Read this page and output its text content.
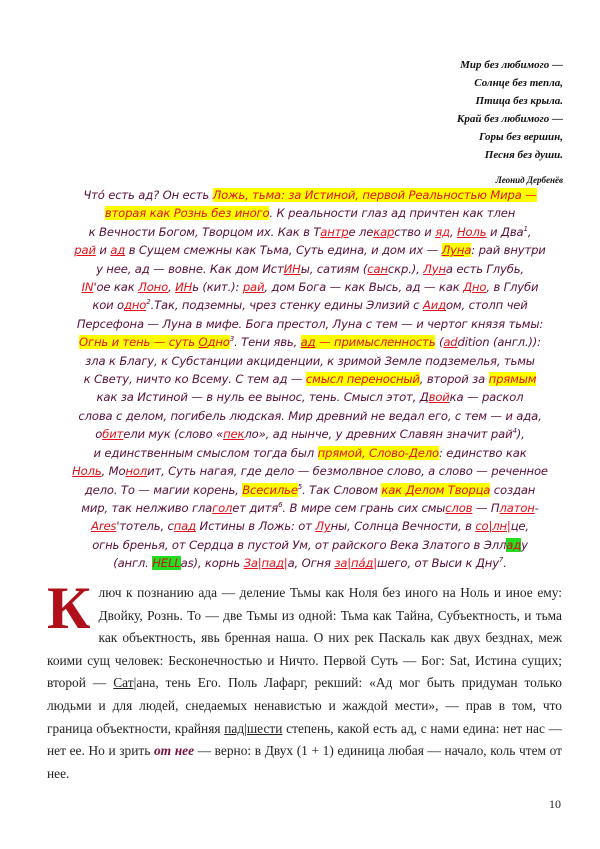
Мир без любимого —
Солнце без тепла,
Птица без крыла.
Край без любимого —
Горы без вершин,
Песня без души.
Леонид Дербенёв
Что́ есть ад? Он есть Ложь, тьма: за Истиной, первой Реальностью Мира —
вторая как Рознь без иного. К реальности глаз ад причтен как тлен
к Вечности Богом, Творцом их. Как в Тантре лекарство и яд, Ноль и Два$^1$,
рай и ад в Сущем смежны как Тьма, Суть едина, и дом их — Луна: рай внутри
у нее, ад — вовне. Как дом ИстИНы, сатиям (санскр.), Луна есть Глубь,
IN'ое как Лоно, ИНь (кит.): рай, дом Бога — как Высь, ад — как Дно, в Глуби
кои одно$^2$.Так, подземны, чрез стенку едины Элизий с Аидом, столп чей
Персефона — Луна в мифе. Бога престол, Луна с тем — и чертог князя тьмы:
Огнь и тень — суть Одно$^3$. Тени явь, ад — примысленность (addition (англ.)):
зла к Благу, к Субстанции акциденции, к зримой Земле подземелья, тьмы
к Свету, ничто ко Всему. С тем ад — смысл переносный, второй за прямым
как за Истиной — в нуль ее вынос, тень. Смысл этот, Двойка — раскол
слова с делом, погибель людская. Мир древний не ведал его, с тем — и ада,
обители мук (слово «пекло», ад нынче, у древних Славян значит рай$^4$),
и единственным смыслом тогда был прямой, Слово-Дело: единство как
Ноль, Монолит, Суть нагая, где дело — безмолвное слово, а слово — реченное
дело. То — магии корень, Всесилье$^5$. Так Словом как Делом Творца создан
мир, так нелживо глаголет дитя$^6$. В мире сем грань сих смыслов — Платон-
Ares'тотель, спад Истины в Ложь: от Луны, Солнца Вечности, в со|лн|це,
огнь бренья, от Сердца в пустой Ум, от райского Века Златого в Элладу
(англ. HELLas), корнь За|пад|а, Огня за|па́д|шего, от Выси к Дну$^7$.
К люч к познанию ада — деление Тьмы как Ноля без иного на Ноль и иное ему: Двойку, Рознь. То — две Тьмы из одной: Тьма как Тайна, Субъектность, и тьма как объектность, явь бренная наша. О них рек Паскаль как двух безднах, меж коими сущ человек: Бесконечностью и Ничто. Первой Суть — Бог: Sat, Истина сущих; второй — Сат|ана, тень Его. Поль Лафарг, рекший: «Ад мог быть придуман только людьми и для людей, снедаемых ненавистью и жаждой мести», — прав в том, что граница объектности, крайняя пад|шести степень, какой есть ад, с нами едина: нет нас — нет ее. Но и зрить от нее — верно: в Двух (1 + 1) единица любая — начало, коль чтем от нее.
10
